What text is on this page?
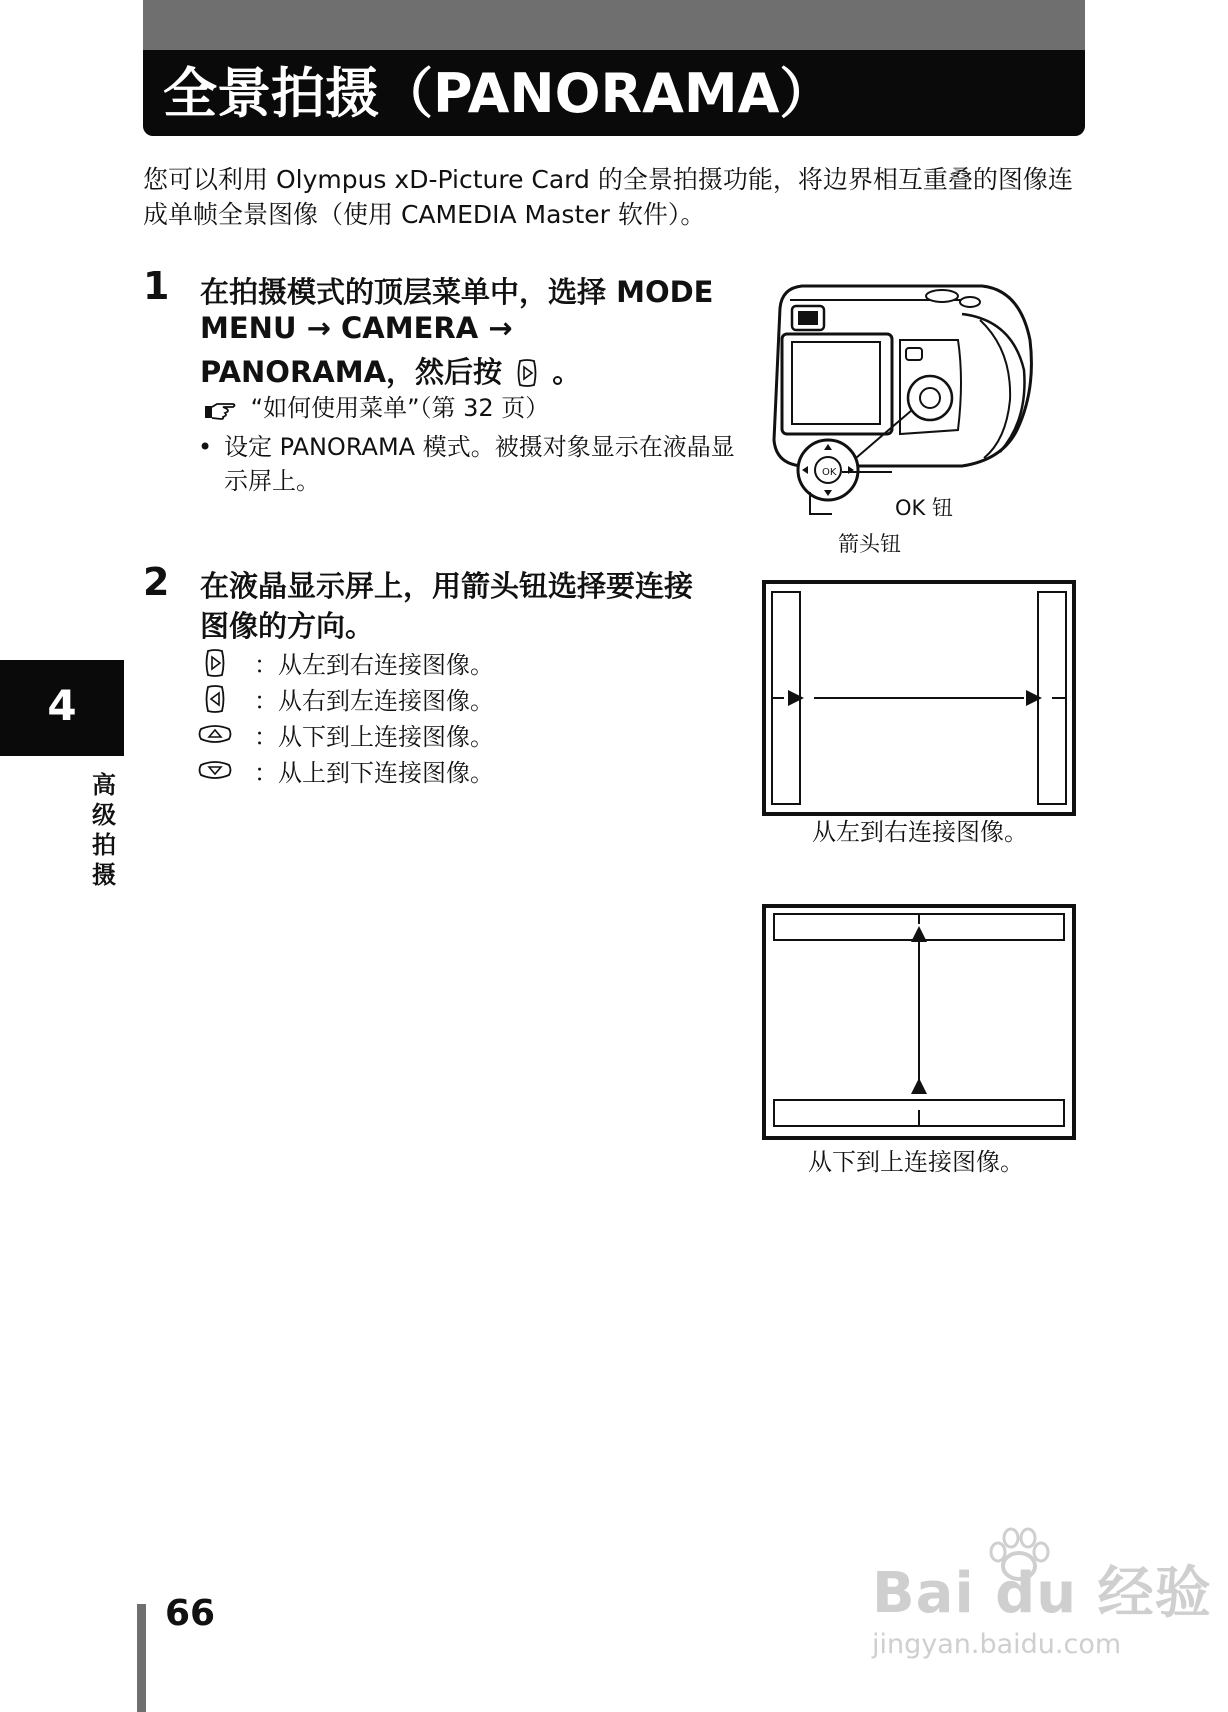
全景拍摄（PANORAMA）
您可以利用 Olympus xD-Picture Card 的全景拍摄功能，将边界相互重叠的图像连成单帧全景图像（使用 CAMEDIA Master 软件）。
1 在拍摄模式的顶层菜单中，选择 MODE
MENU → CAMERA →
PANORAMA，然后按 。
“如何使用菜单”（第 32 页）
• 设定 PANORAMA 模式。被摄对象显示在液晶显示屏上。	OK
OK 钮
箭头钮
2 在液晶显示屏上，用箭头钮选择要连接
图像的方向。
：从左到右连接图像。
：从右到左连接图像。
：从下到上连接图像。
：从上到下连接图像。
从左到右连接图像。
从下到上连接图像。
4
高级拍摄
66	Bai du 经验
jingyan.baidu.com
